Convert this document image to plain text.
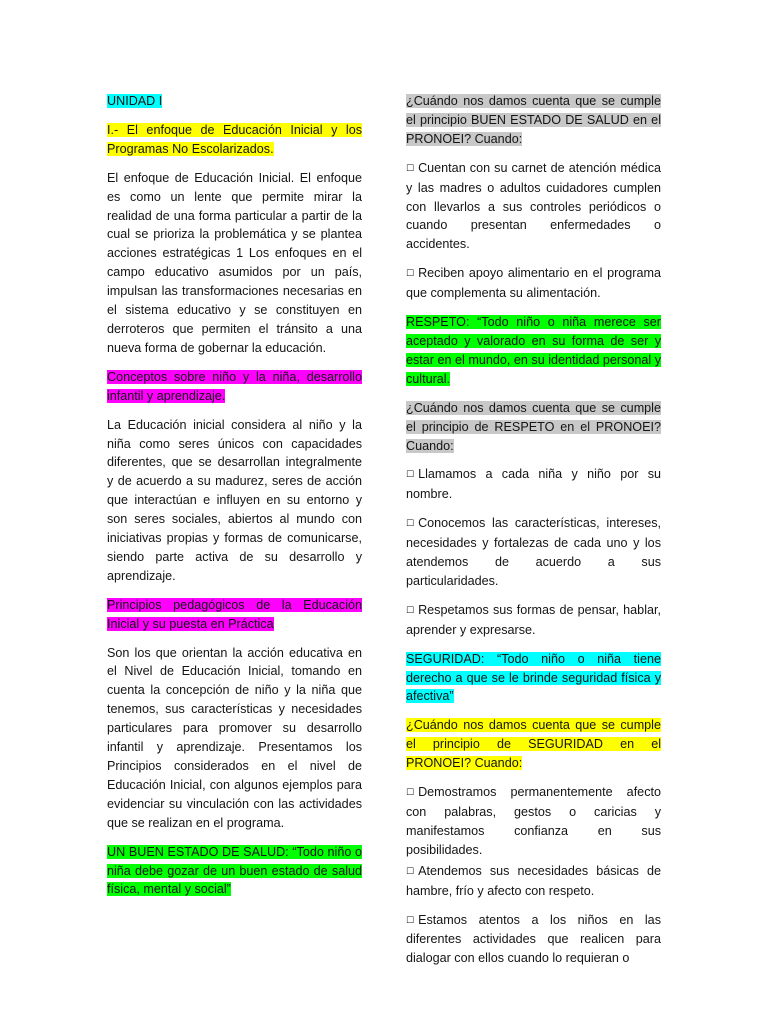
UNIDAD I

I.- El enfoque de Educación Inicial y los Programas No Escolarizados.

El enfoque de Educación Inicial. El enfoque es como un lente que permite mirar la realidad de una forma particular a partir de la cual se prioriza la problemática y se plantea acciones estratégicas 1 Los enfoques en el campo educativo asumidos por un país, impulsan las transformaciones necesarias en el sistema educativo y se constituyen en derroteros que permiten el tránsito a una nueva forma de gobernar la educación.

Conceptos sobre niño y la niña, desarrollo infantil y aprendizaje.

La Educación inicial considera al niño y la niña como seres únicos con capacidades diferentes, que se desarrollan integralmente y de acuerdo a su madurez, seres de acción que interactúan e influyen en su entorno y son seres sociales, abiertos al mundo con iniciativas propias y formas de comunicarse, siendo parte activa de su desarrollo y aprendizaje.

Principios pedagógicos de la Educación Inicial y su puesta en Práctica

Son los que orientan la acción educativa en el Nivel de Educación Inicial, tomando en cuenta la concepción de niño y la niña que tenemos, sus características y necesidades particulares para promover su desarrollo infantil y aprendizaje. Presentamos los Principios considerados en el nivel de Educación Inicial, con algunos ejemplos para evidenciar su vinculación con las actividades que se realizan en el programa.

UN BUEN ESTADO DE SALUD: “Todo niño o niña debe gozar de un buen estado de salud física, mental y social”

¿Cuándo nos damos cuenta que se cumple el principio BUEN ESTADO DE SALUD en el PRONOEI? Cuando:

☐ Cuentan con su carnet de atención médica y las madres o adultos cuidadores cumplen con llevarlos a sus controles periódicos o cuando presentan enfermedades o accidentes.

☐ Reciben apoyo alimentario en el programa que complementa su alimentación.

RESPETO: “Todo niño o niña merece ser aceptado y valorado en su forma de ser y estar en el mundo, en su identidad personal y cultural.

¿Cuándo nos damos cuenta que se cumple el principio de RESPETO en el PRONOEI? Cuando:

☐ Llamamos a cada niña y niño por su nombre.

☐ Conocemos las características, intereses, necesidades y fortalezas de cada uno y los atendemos de acuerdo a sus particularidades.

☐ Respetamos sus formas de pensar, hablar, aprender y expresarse.

SEGURIDAD: “Todo niño o niña tiene derecho a que se le brinde seguridad física y afectiva”

¿Cuándo nos damos cuenta que se cumple el principio de SEGURIDAD en el PRONOEI? Cuando:

☐ Demostramos permanentemente afecto con palabras, gestos o caricias y manifestamos confianza en sus posibilidades.

☐ Atendemos sus necesidades básicas de hambre, frío y afecto con respeto.

☐ Estamos atentos a los niños en las diferentes actividades que realicen para dialogar con ellos cuando lo requieran o
